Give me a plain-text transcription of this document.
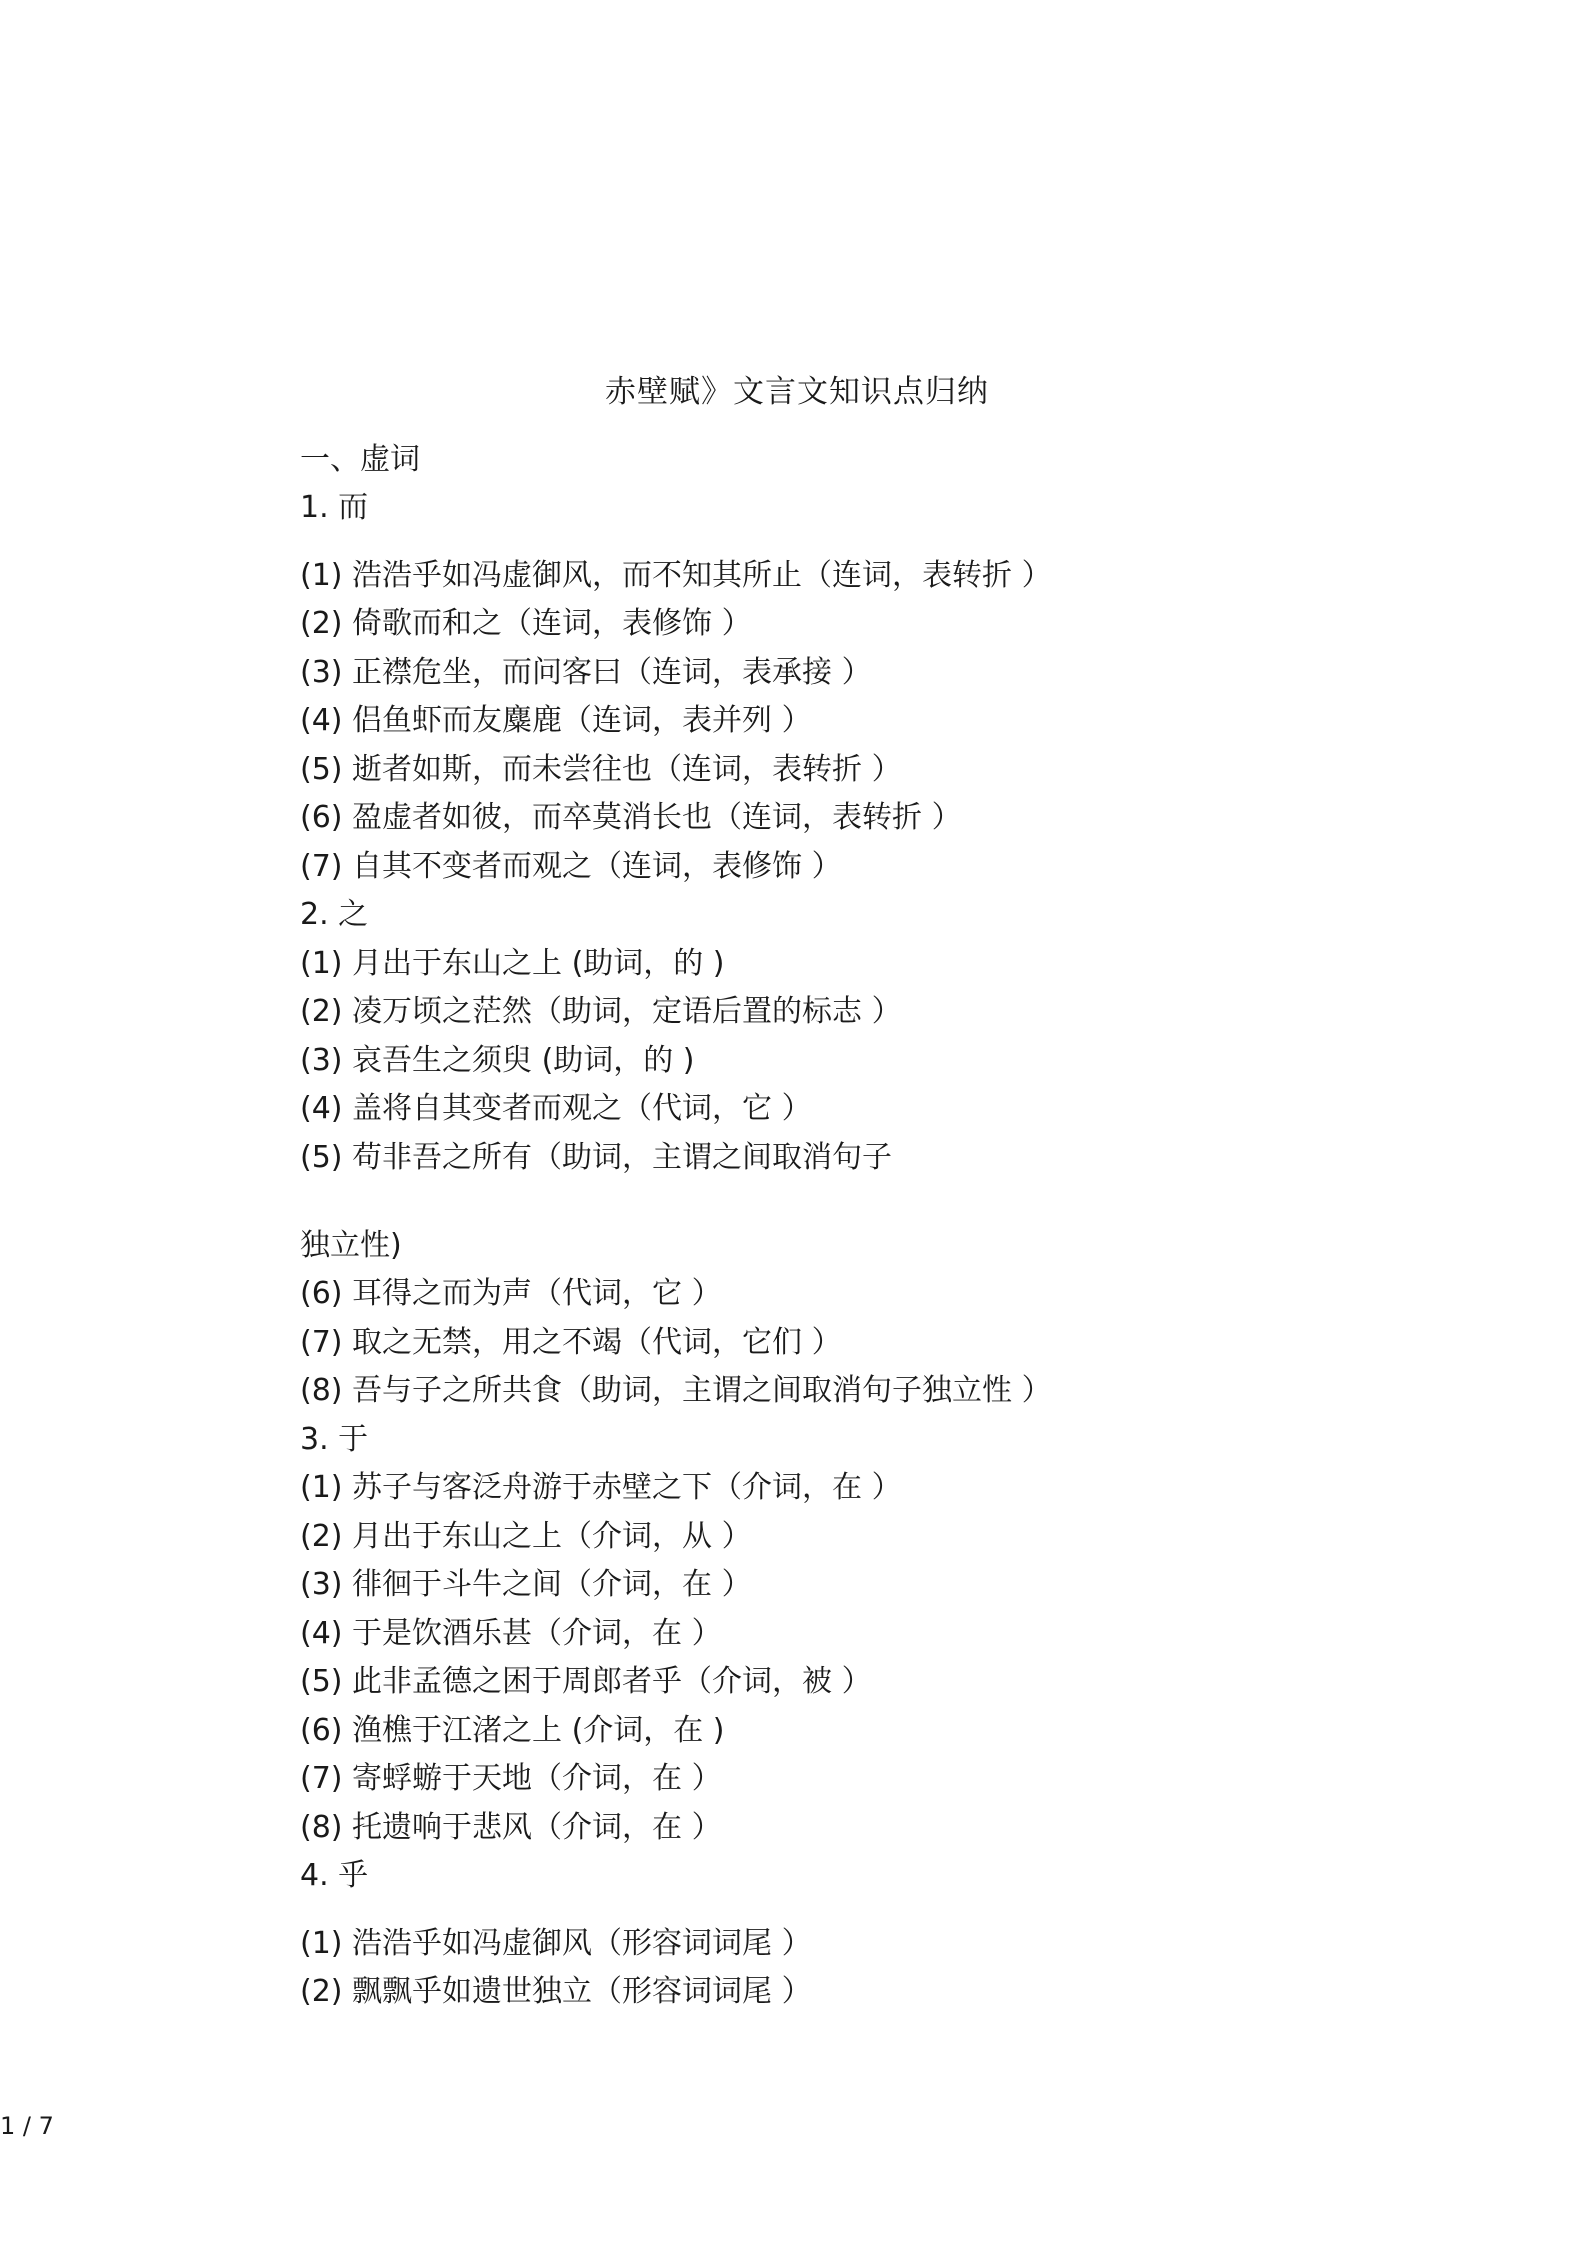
赤壁赋》文言文知识点归纳
一、虚词
1. 而
(1) 浩浩乎如冯虚御风，而不知其所止（连词，表转折 ）
(2) 倚歌而和之（连词，表修饰 ）
(3) 正襟危坐，而问客曰（连词，表承接 ）
(4) 侣鱼虾而友麋鹿（连词，表并列 ）
(5) 逝者如斯，而未尝往也（连词，表转折 ）
(6) 盈虚者如彼，而卒莫消长也（连词，表转折 ）
(7) 自其不变者而观之（连词，表修饰 ）
2. 之
(1) 月出于东山之上 (助词，的 )
(2) 凌万顷之茫然（助词，定语后置的标志 ）
(3) 哀吾生之须臾 (助词，的 )
(4) 盖将自其变者而观之（代词，它 ）
(5) 苟非吾之所有（助词，主谓之间取消句子
独立性)
(6) 耳得之而为声（代词，它 ）
(7) 取之无禁，用之不竭（代词，它们 ）
(8) 吾与子之所共食（助词，主谓之间取消句子独立性 ）
3. 于
(1) 苏子与客泛舟游于赤壁之下（介词，在 ）
(2) 月出于东山之上（介词，从 ）
(3) 徘徊于斗牛之间（介词，在 ）
(4) 于是饮酒乐甚（介词，在 ）
(5) 此非孟德之困于周郎者乎（介词，被 ）
(6) 渔樵于江渚之上 (介词，在 )
(7) 寄蜉蝣于天地（介词，在 ）
(8) 托遗响于悲风（介词，在 ）
4. 乎
(1) 浩浩乎如冯虚御风（形容词词尾 ）
(2) 飘飘乎如遗世独立（形容词词尾 ）
1 / 7
